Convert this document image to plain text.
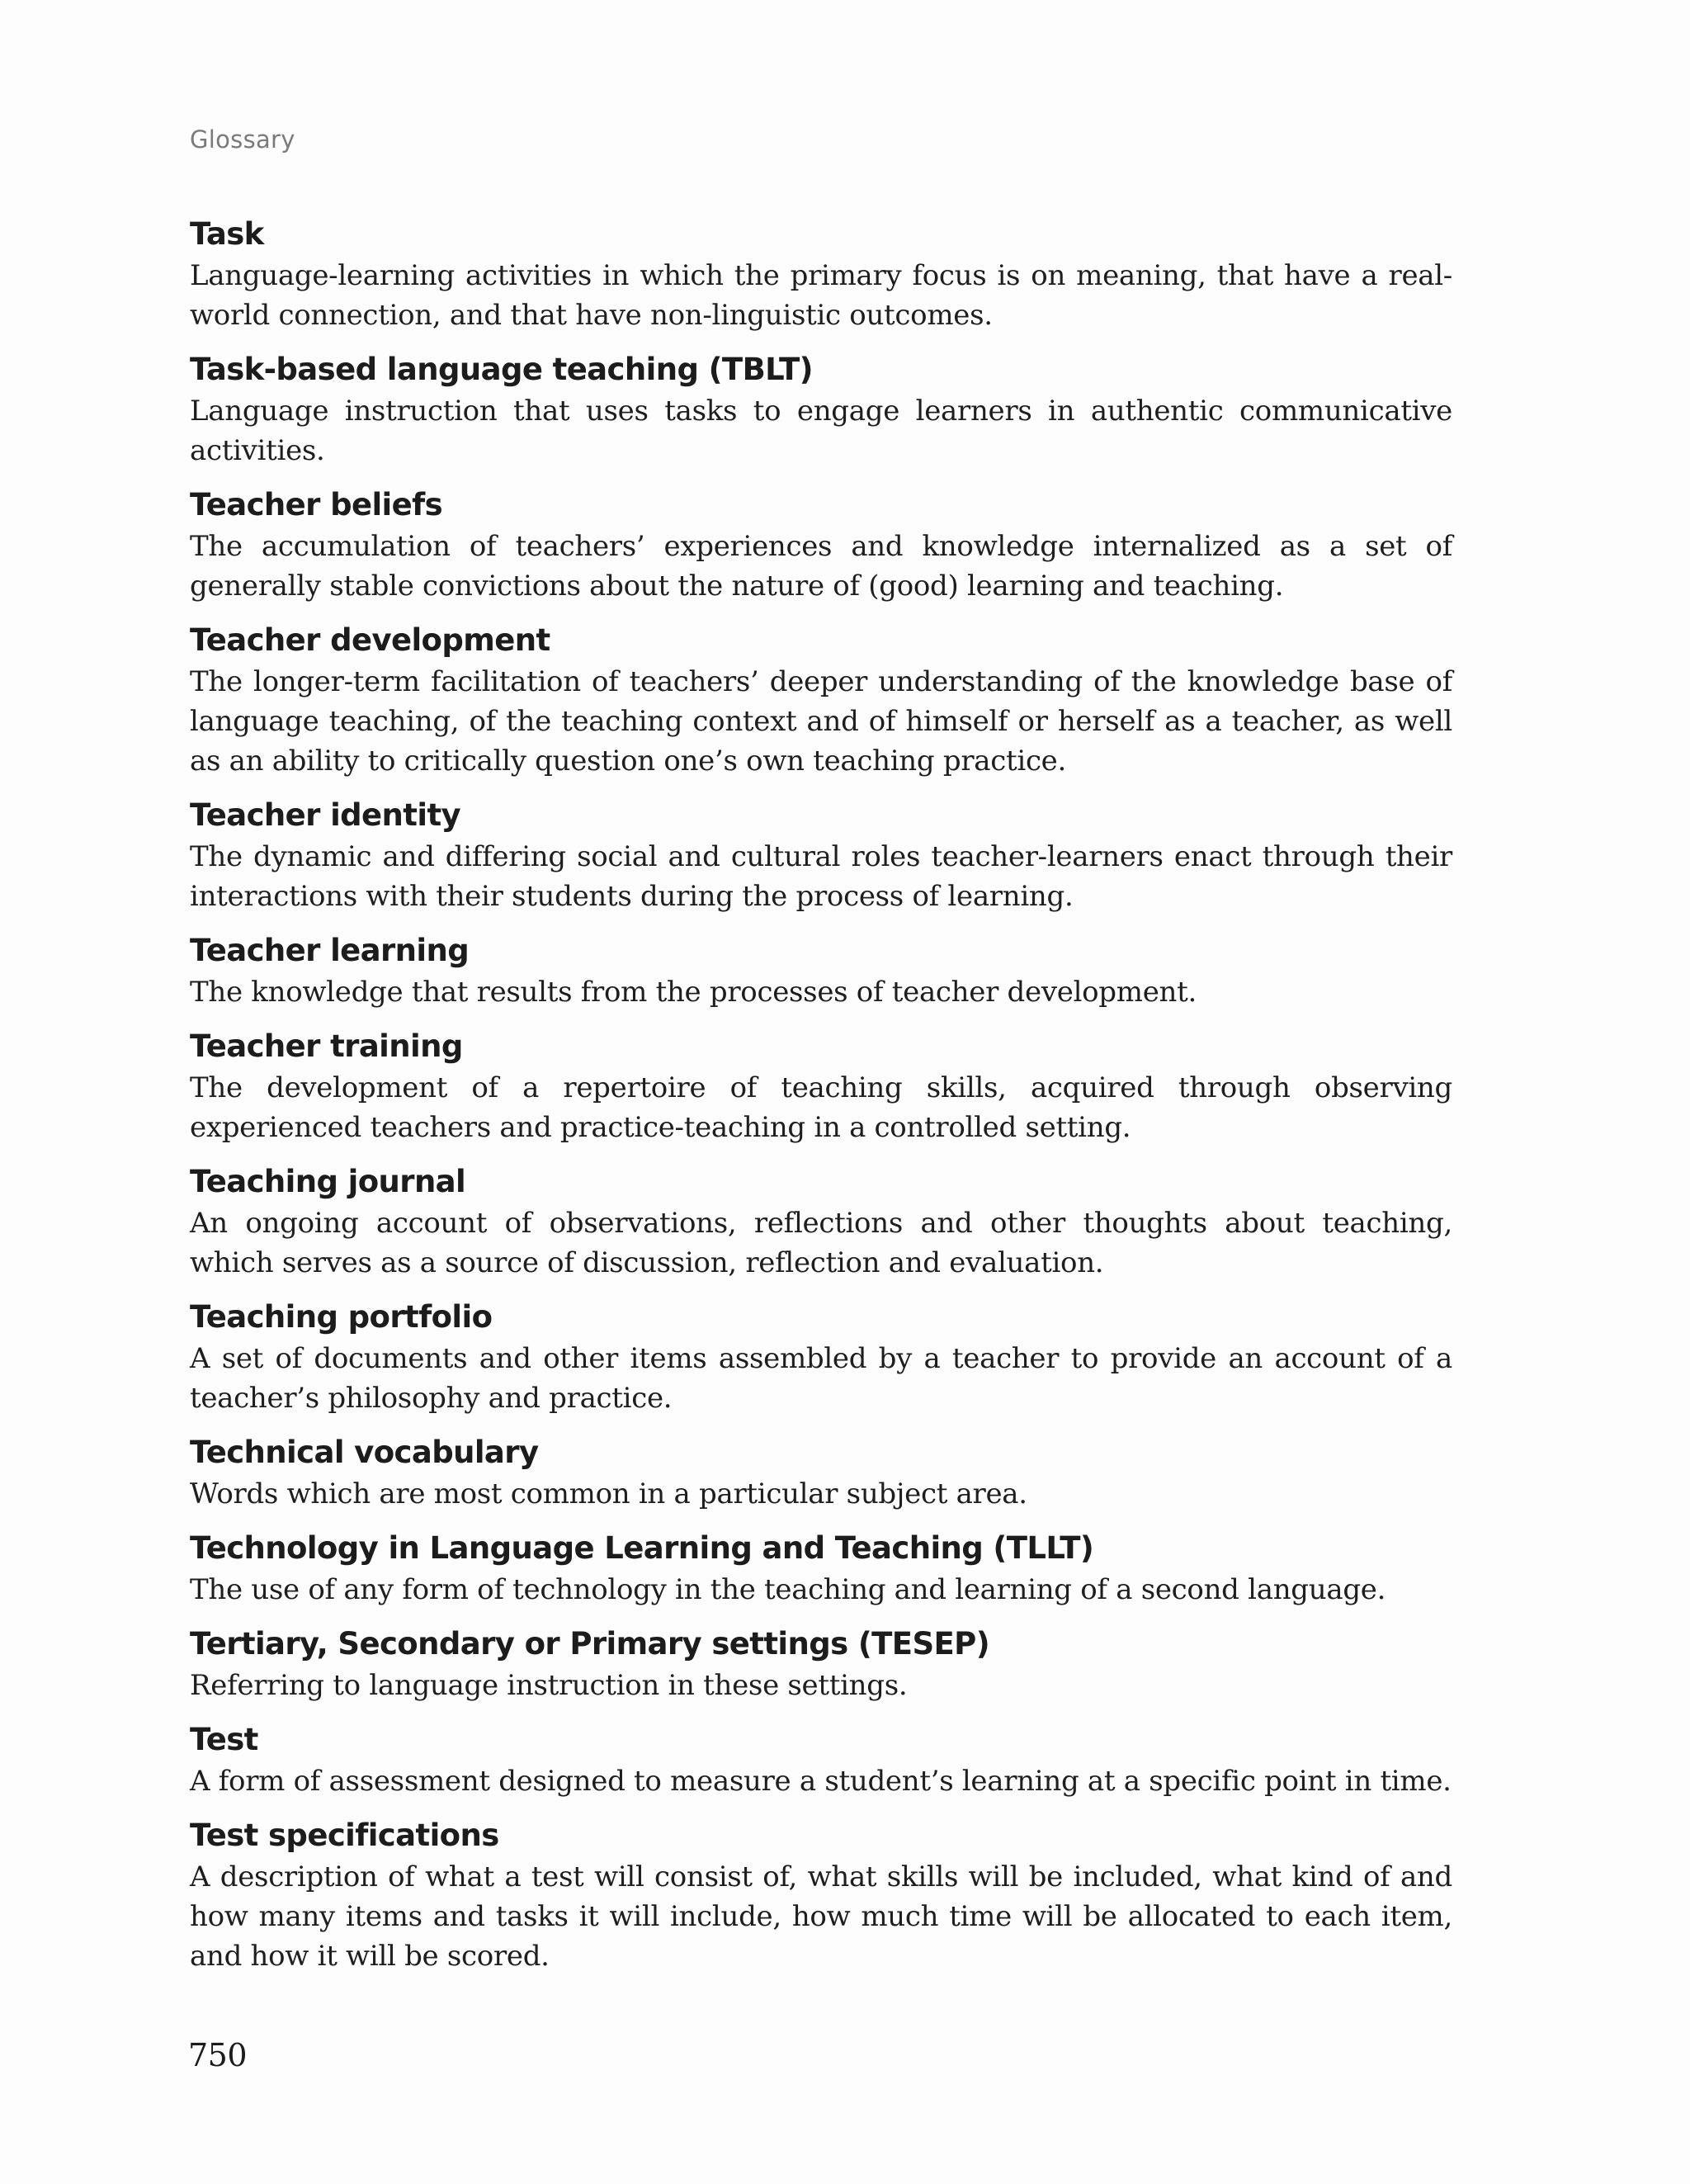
Glossary
Task

Language-learning activities in which the primary focus is on meaning, that have a real-world connection, and that have non-linguistic outcomes.

Task-based language teaching (TBLT)

Language instruction that uses tasks to engage learners in authentic communicative activities.

Teacher beliefs

The accumulation of teachers’ experiences and knowledge internalized as a set of generally stable convictions about the nature of (good) learning and teaching.

Teacher development

The longer-term facilitation of teachers’ deeper understanding of the knowledge base of language teaching, of the teaching context and of himself or herself as a teacher, as well as an ability to critically question one’s own teaching practice.

Teacher identity

The dynamic and differing social and cultural roles teacher-learners enact through their interactions with their students during the process of learning.

Teacher learning

The knowledge that results from the processes of teacher development.

Teacher training

The development of a repertoire of teaching skills, acquired through observing experienced teachers and practice-teaching in a controlled setting.

Teaching journal

An ongoing account of observations, reflections and other thoughts about teaching, which serves as a source of discussion, reflection and evaluation.

Teaching portfolio

A set of documents and other items assembled by a teacher to provide an account of a teacher’s philosophy and practice.

Technical vocabulary

Words which are most common in a particular subject area.

Technology in Language Learning and Teaching (TLLT)

The use of any form of technology in the teaching and learning of a second language.

Tertiary, Secondary or Primary settings (TESEP)

Referring to language instruction in these settings.

Test

A form of assessment designed to measure a student’s learning at a specific point in time.

Test specifications

A description of what a test will consist of, what skills will be included, what kind of and how many items and tasks it will include, how much time will be allocated to each item, and how it will be scored.

750
